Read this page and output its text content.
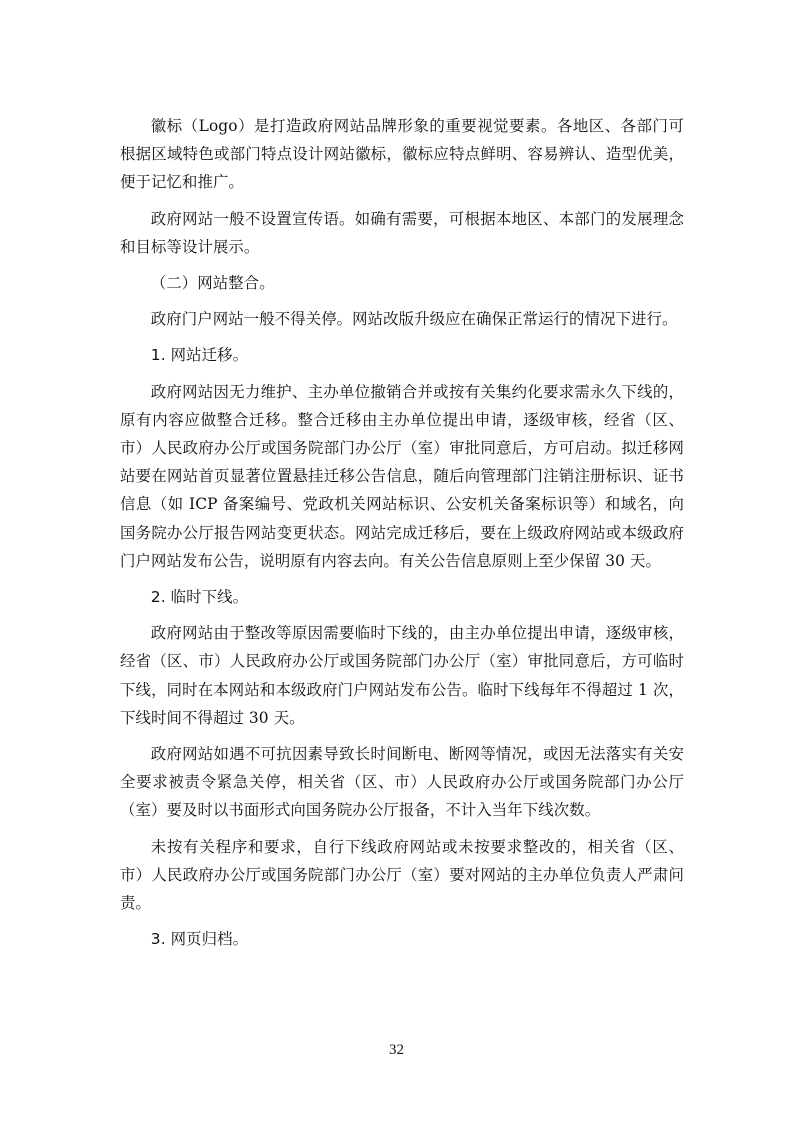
徽标（Logo）是打造政府网站品牌形象的重要视觉要素。各地区、各部门可根据区域特色或部门特点设计网站徽标，徽标应特点鲜明、容易辨认、造型优美，便于记忆和推广。

政府网站一般不设置宣传语。如确有需要，可根据本地区、本部门的发展理念和目标等设计展示。

（二）网站整合。

政府门户网站一般不得关停。网站改版升级应在确保正常运行的情况下进行。

1. 网站迁移。

政府网站因无力维护、主办单位撤销合并或按有关集约化要求需永久下线的，原有内容应做整合迁移。整合迁移由主办单位提出申请，逐级审核，经省（区、市）人民政府办公厅或国务院部门办公厅（室）审批同意后，方可启动。拟迁移网站要在网站首页显著位置悬挂迁移公告信息，随后向管理部门注销注册标识、证书信息（如 ICP 备案编号、党政机关网站标识、公安机关备案标识等）和域名，向国务院办公厅报告网站变更状态。网站完成迁移后，要在上级政府网站或本级政府门户网站发布公告，说明原有内容去向。有关公告信息原则上至少保留 30 天。

2. 临时下线。

政府网站由于整改等原因需要临时下线的，由主办单位提出申请，逐级审核，经省（区、市）人民政府办公厅或国务院部门办公厅（室）审批同意后，方可临时下线，同时在本网站和本级政府门户网站发布公告。临时下线每年不得超过 1 次，下线时间不得超过 30 天。

政府网站如遇不可抗因素导致长时间断电、断网等情况，或因无法落实有关安全要求被责令紧急关停，相关省（区、市）人民政府办公厅或国务院部门办公厅（室）要及时以书面形式向国务院办公厅报备，不计入当年下线次数。

未按有关程序和要求，自行下线政府网站或未按要求整改的，相关省（区、市）人民政府办公厅或国务院部门办公厅（室）要对网站的主办单位负责人严肃问责。

3. 网页归档。

32
